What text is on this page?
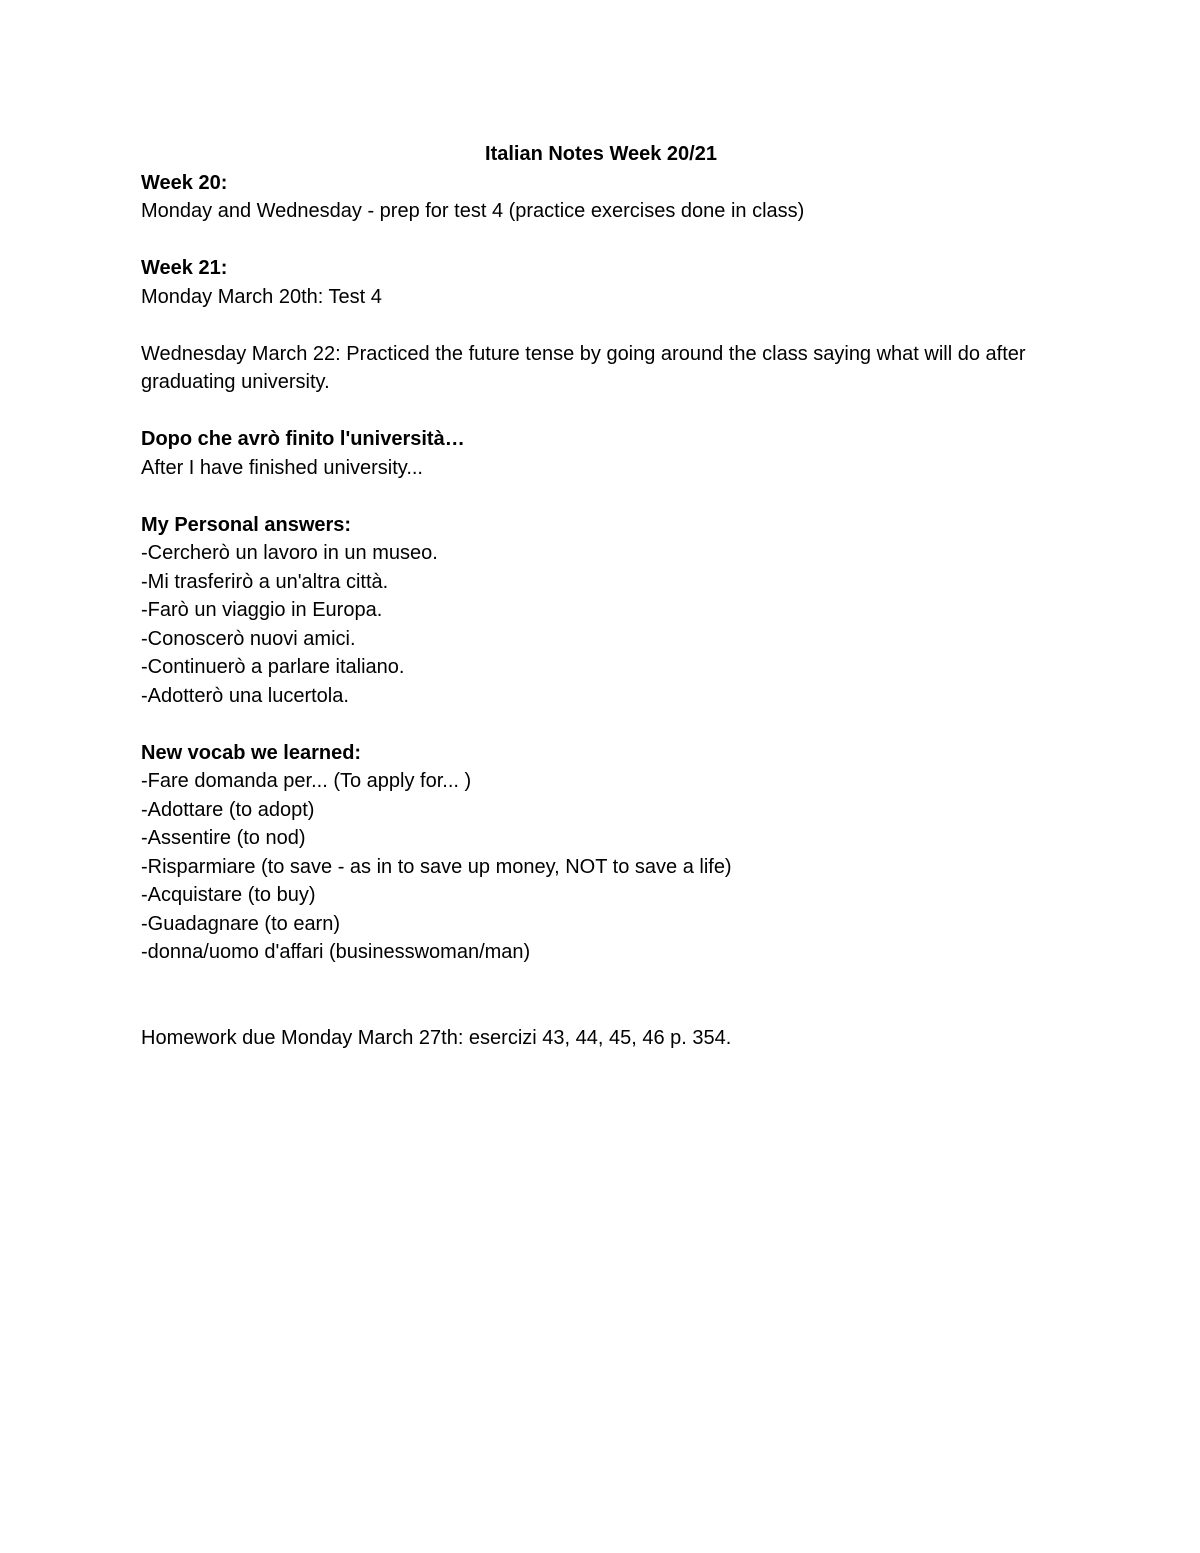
Italian Notes Week 20/21

Week 20:

Monday and Wednesday - prep for test 4 (practice exercises done in class)

Week 21:

Monday March 20th: Test 4

Wednesday March 22: Practiced the future tense by going around the class saying what will do after graduating university.

Dopo che avrò finito l'università…

After I have finished university...

My Personal answers:

-Cercherò un lavoro in un museo.
-Mi trasferirò a un'altra città.
-Farò un viaggio in Europa.
-Conoscerò nuovi amici.
-Continuerò a parlare italiano.
-Adotterò una lucertola.

New vocab we learned:

-Fare domanda per... (To apply for... )
-Adottare (to adopt)
-Assentire (to nod)
-Risparmiare (to save - as in to save up money, NOT to save a life)
-Acquistare (to buy)
-Guadagnare (to earn)
-donna/uomo d'affari (businesswoman/man)

Homework due Monday March 27th: esercizi 43, 44, 45, 46 p. 354.
